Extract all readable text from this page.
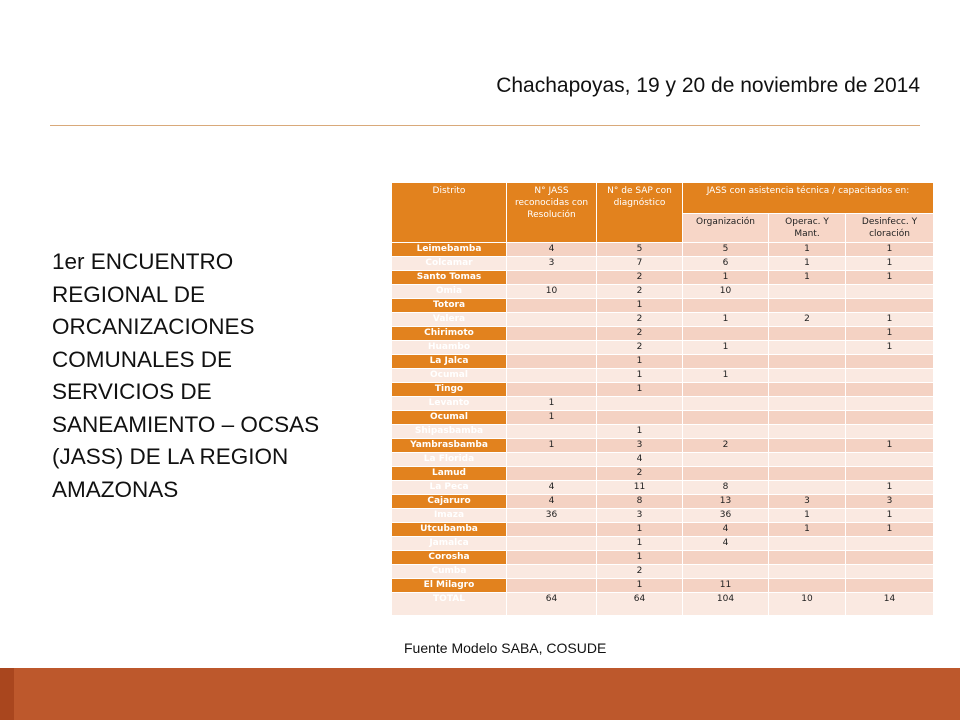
Chachapoyas, 19 y 20 de noviembre de 2014
1er ENCUENTRO
REGIONAL DE
ORCANIZACIONES
COMUNALES DE
SERVICIOS DE
SANEAMIENTO – OCSAS
(JASS) DE LA REGION
AMAZONAS
Distrito	N° JASS reconocidas con Resolución	N° de SAP con diagnóstico	JASS con asistencia técnica / capacitados en:		
			Organización	Operac. Y Mant.	Desinfecc. Y cloración
Leimebamba	4	5	5	1	1
Colcamar	3	7	6	1	1
Santo Tomas		2	1	1	1
Omia	10	2	10		
Totora		1			
Valera		2	1	2	1
Chirimoto		2			1
Huambo		2	1		1
La Jalca		1			
Ocumal		1	1		
Tingo		1			
Levanto	1				
Ocumal	1				
Shipasbamba		1			
Yambrasbamba	1	3	2		1
La Florida		4			
Lamud		2			
La Peca	4	11	8		1
Cajaruro	4	8	13	3	3
Imaza	36	3	36	1	1
Utcubamba		1	4	1	1
Jamalca		1	4		
Corosha		1			
Cumba		2			
El Milagro		1	11		
TOTAL	64	64	104	10	14
Fuente Modelo SABA, COSUDE
